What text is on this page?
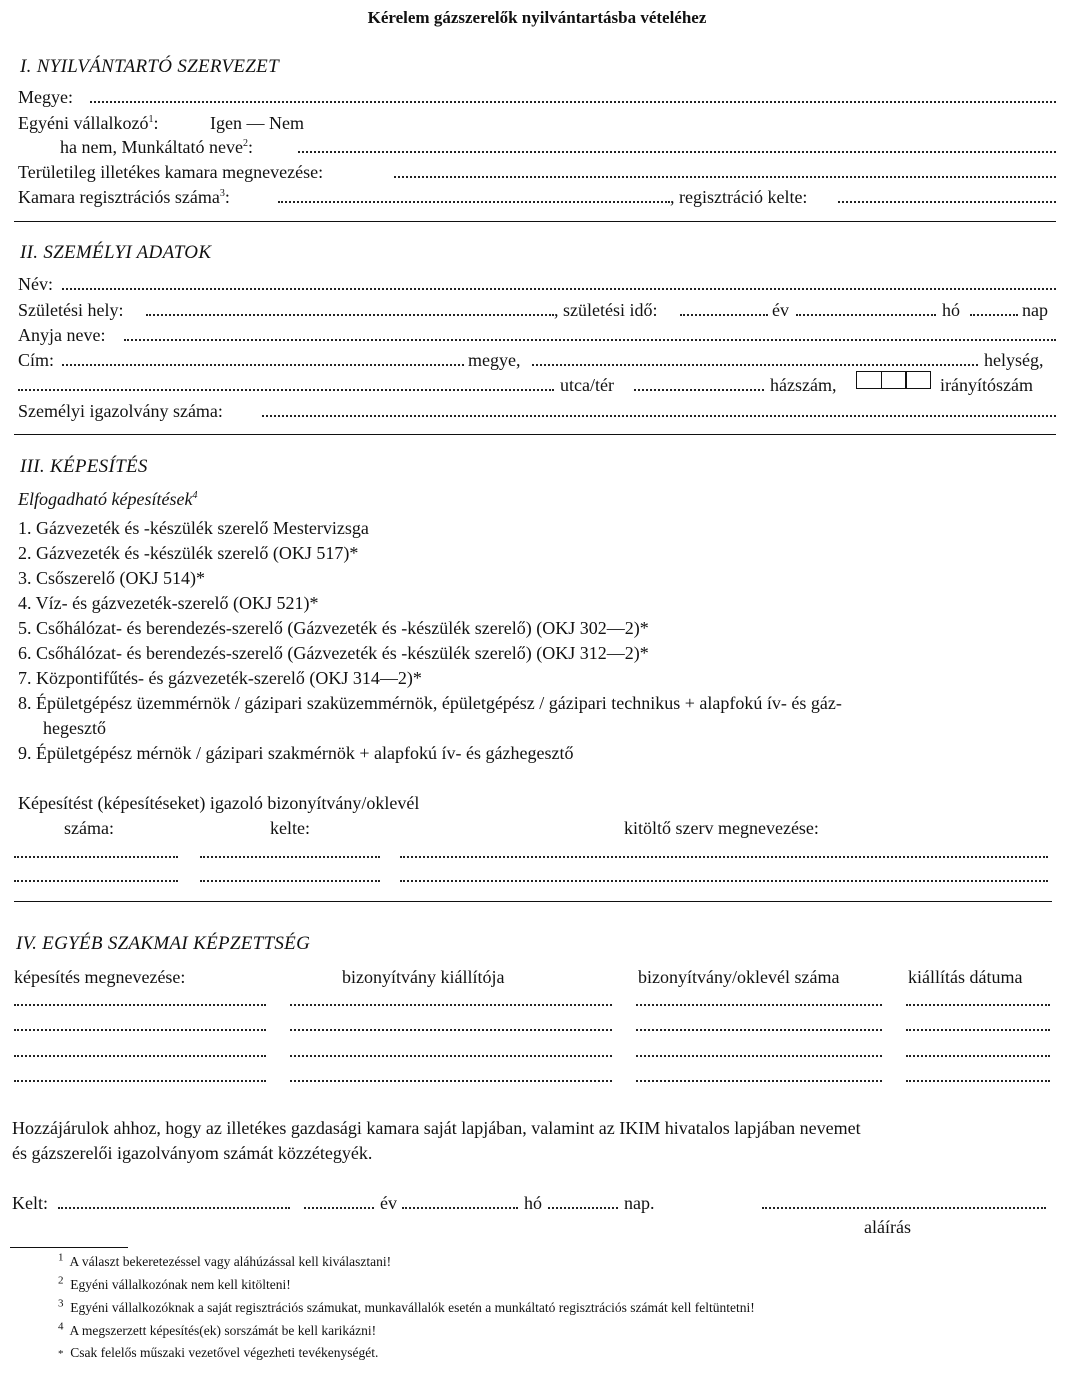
Kérelem gázszerelők nyilvántartásba vételéhez
I. NYILVÁNTARTÓ SZERVEZET
Megye:
Egyéni vállalkozó$^1$:	Igen — Nem
ha nem, Munkáltató neve$^2$:
Területileg illetékes kamara megnevezése:
Kamara regisztrációs száma$^3$:	, regisztráció kelte:
II. SZEMÉLYI ADATOK
Név:
Születési hely:	, születési idő:	év	hó	nap
Anyja neve:
Cím:	megye,	helység,
utca/tér	házszám,	irányítószám
Személyi igazolvány száma:
III. KÉPESÍTÉS
Elfogadható képesítések$^4$
1. Gázvezeték és -készülék szerelő Mestervizsga
2. Gázvezeték és -készülék szerelő (OKJ 517)*
3. Csőszerelő (OKJ 514)*
4. Víz- és gázvezeték-szerelő (OKJ 521)*
5. Csőhálózat- és berendezés-szerelő (Gázvezeték és -készülék szerelő) (OKJ 302—2)*
6. Csőhálózat- és berendezés-szerelő (Gázvezeték és -készülék szerelő) (OKJ 312—2)*
7. Központifűtés- és gázvezeték-szerelő (OKJ 314—2)*
8. Épületgépész üzemmérnök / gázipari szaküzemmérnök, épületgépész / gázipari technikus + alapfokú ív- és gáz-
hegesztő
9. Épületgépész mérnök / gázipari szakmérnök + alapfokú ív- és gázhegesztő
Képesítést (képesítéseket) igazoló bizonyítvány/oklevél
száma:	kelte:	kitöltő szerv megnevezése:
IV. EGYÉB SZAKMAI KÉPZETTSÉG
képesítés megnevezése:	bizonyítvány kiállítója	bizonyítvány/oklevél száma	kiállítás dátuma
Hozzájárulok ahhoz, hogy az illetékes gazdasági kamara saját lapjában, valamint az IKIM hivatalos lapjában nevemet
és gázszerelői igazolványom számát közzétegyék.
Kelt:	év	hó	nap.
aláírás
$^1$ A választ bekeretezéssel vagy aláhúzással kell kiválasztani!
$^2$ Egyéni vállalkozónak nem kell kitölteni!
$^3$ Egyéni vállalkozóknak a saját regisztrációs számukat, munkavállalók esetén a munkáltató regisztrációs számát kell feltüntetni!
$^4$ A megszerzett képesítés(ek) sorszámát be kell karikázni!
* Csak felelős műszaki vezetővel végezheti tevékenységét.
